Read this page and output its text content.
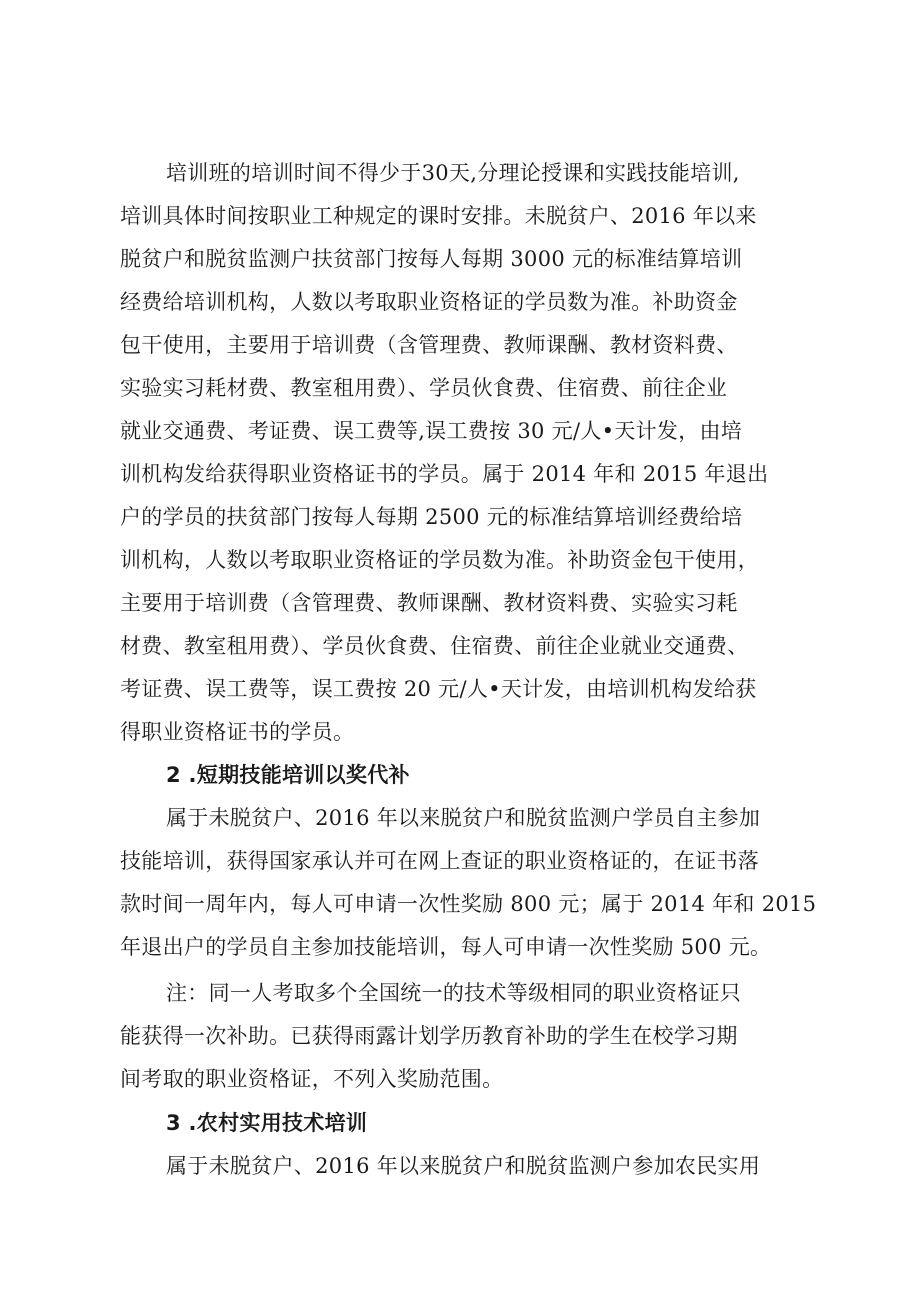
培训班的培训时间不得少于30天,分理论授课和实践技能培训,
培训具体时间按职业工种规定的课时安排。未脱贫户、2016 年以来
脱贫户和脱贫监测户扶贫部门按每人每期 3000 元的标准结算培训
经费给培训机构，人数以考取职业资格证的学员数为准。补助资金
包干使用，主要用于培训费（含管理费、教师课酬、教材资料费、
实验实习耗材费、教室租用费）、学员伙食费、住宿费、前往企业
就业交通费、考证费、误工费等,误工费按 30 元/人•天计发，由培
训机构发给获得职业资格证书的学员。属于 2014 年和 2015 年退出
户的学员的扶贫部门按每人每期 2500 元的标准结算培训经费给培
训机构，人数以考取职业资格证的学员数为准。补助资金包干使用，
主要用于培训费（含管理费、教师课酬、教材资料费、实验实习耗
材费、教室租用费）、学员伙食费、住宿费、前往企业就业交通费、
考证费、误工费等，误工费按 20 元/人•天计发，由培训机构发给获
得职业资格证书的学员。
2 .短期技能培训以奖代补
属于未脱贫户、2016 年以来脱贫户和脱贫监测户学员自主参加
技能培训，获得国家承认并可在网上查证的职业资格证的，在证书落
款时间一周年内，每人可申请一次性奖励 800 元；属于 2014 年和 2015
年退出户的学员自主参加技能培训，每人可申请一次性奖励 500 元。
注：同一人考取多个全国统一的技术等级相同的职业资格证只
能获得一次补助。已获得雨露计划学历教育补助的学生在校学习期
间考取的职业资格证，不列入奖励范围。
3 .农村实用技术培训
属于未脱贫户、2016 年以来脱贫户和脱贫监测户参加农民实用
